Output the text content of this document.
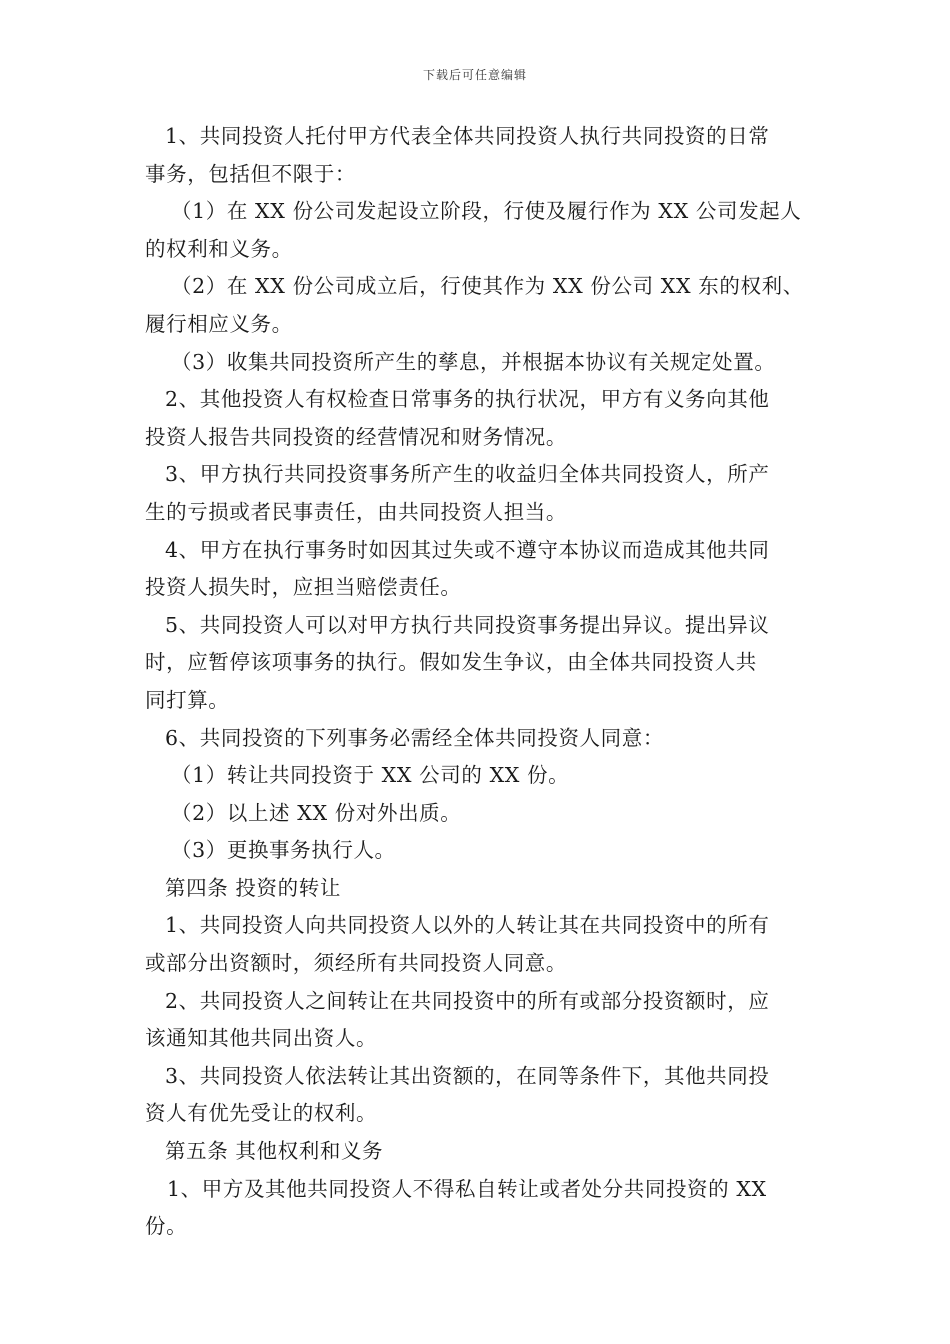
下载后可任意编辑
1、共同投资人托付甲方代表全体共同投资人执行共同投资的日常
事务，包括但不限于：
（1）在 XX 份公司发起设立阶段，行使及履行作为 XX 公司发起人
的权利和义务。
（2）在 XX 份公司成立后，行使其作为 XX 份公司 XX 东的权利、
履行相应义务。
（3）收集共同投资所产生的孳息，并根据本协议有关规定处置。
2、其他投资人有权检查日常事务的执行状况，甲方有义务向其他
投资人报告共同投资的经营情况和财务情况。
3、甲方执行共同投资事务所产生的收益归全体共同投资人，所产
生的亏损或者民事责任，由共同投资人担当。
4、甲方在执行事务时如因其过失或不遵守本协议而造成其他共同
投资人损失时，应担当赔偿责任。
5、共同投资人可以对甲方执行共同投资事务提出异议。提出异议
时，应暂停该项事务的执行。假如发生争议，由全体共同投资人共
同打算。
6、共同投资的下列事务必需经全体共同投资人同意：
（1）转让共同投资于 XX 公司的 XX 份。
（2）以上述 XX 份对外出质。
（3）更换事务执行人。
第四条 投资的转让
1、共同投资人向共同投资人以外的人转让其在共同投资中的所有
或部分出资额时，须经所有共同投资人同意。
2、共同投资人之间转让在共同投资中的所有或部分投资额时，应
该通知其他共同出资人。
3、共同投资人依法转让其出资额的，在同等条件下，其他共同投
资人有优先受让的权利。
第五条 其他权利和义务
1、甲方及其他共同投资人不得私自转让或者处分共同投资的 XX
份。
